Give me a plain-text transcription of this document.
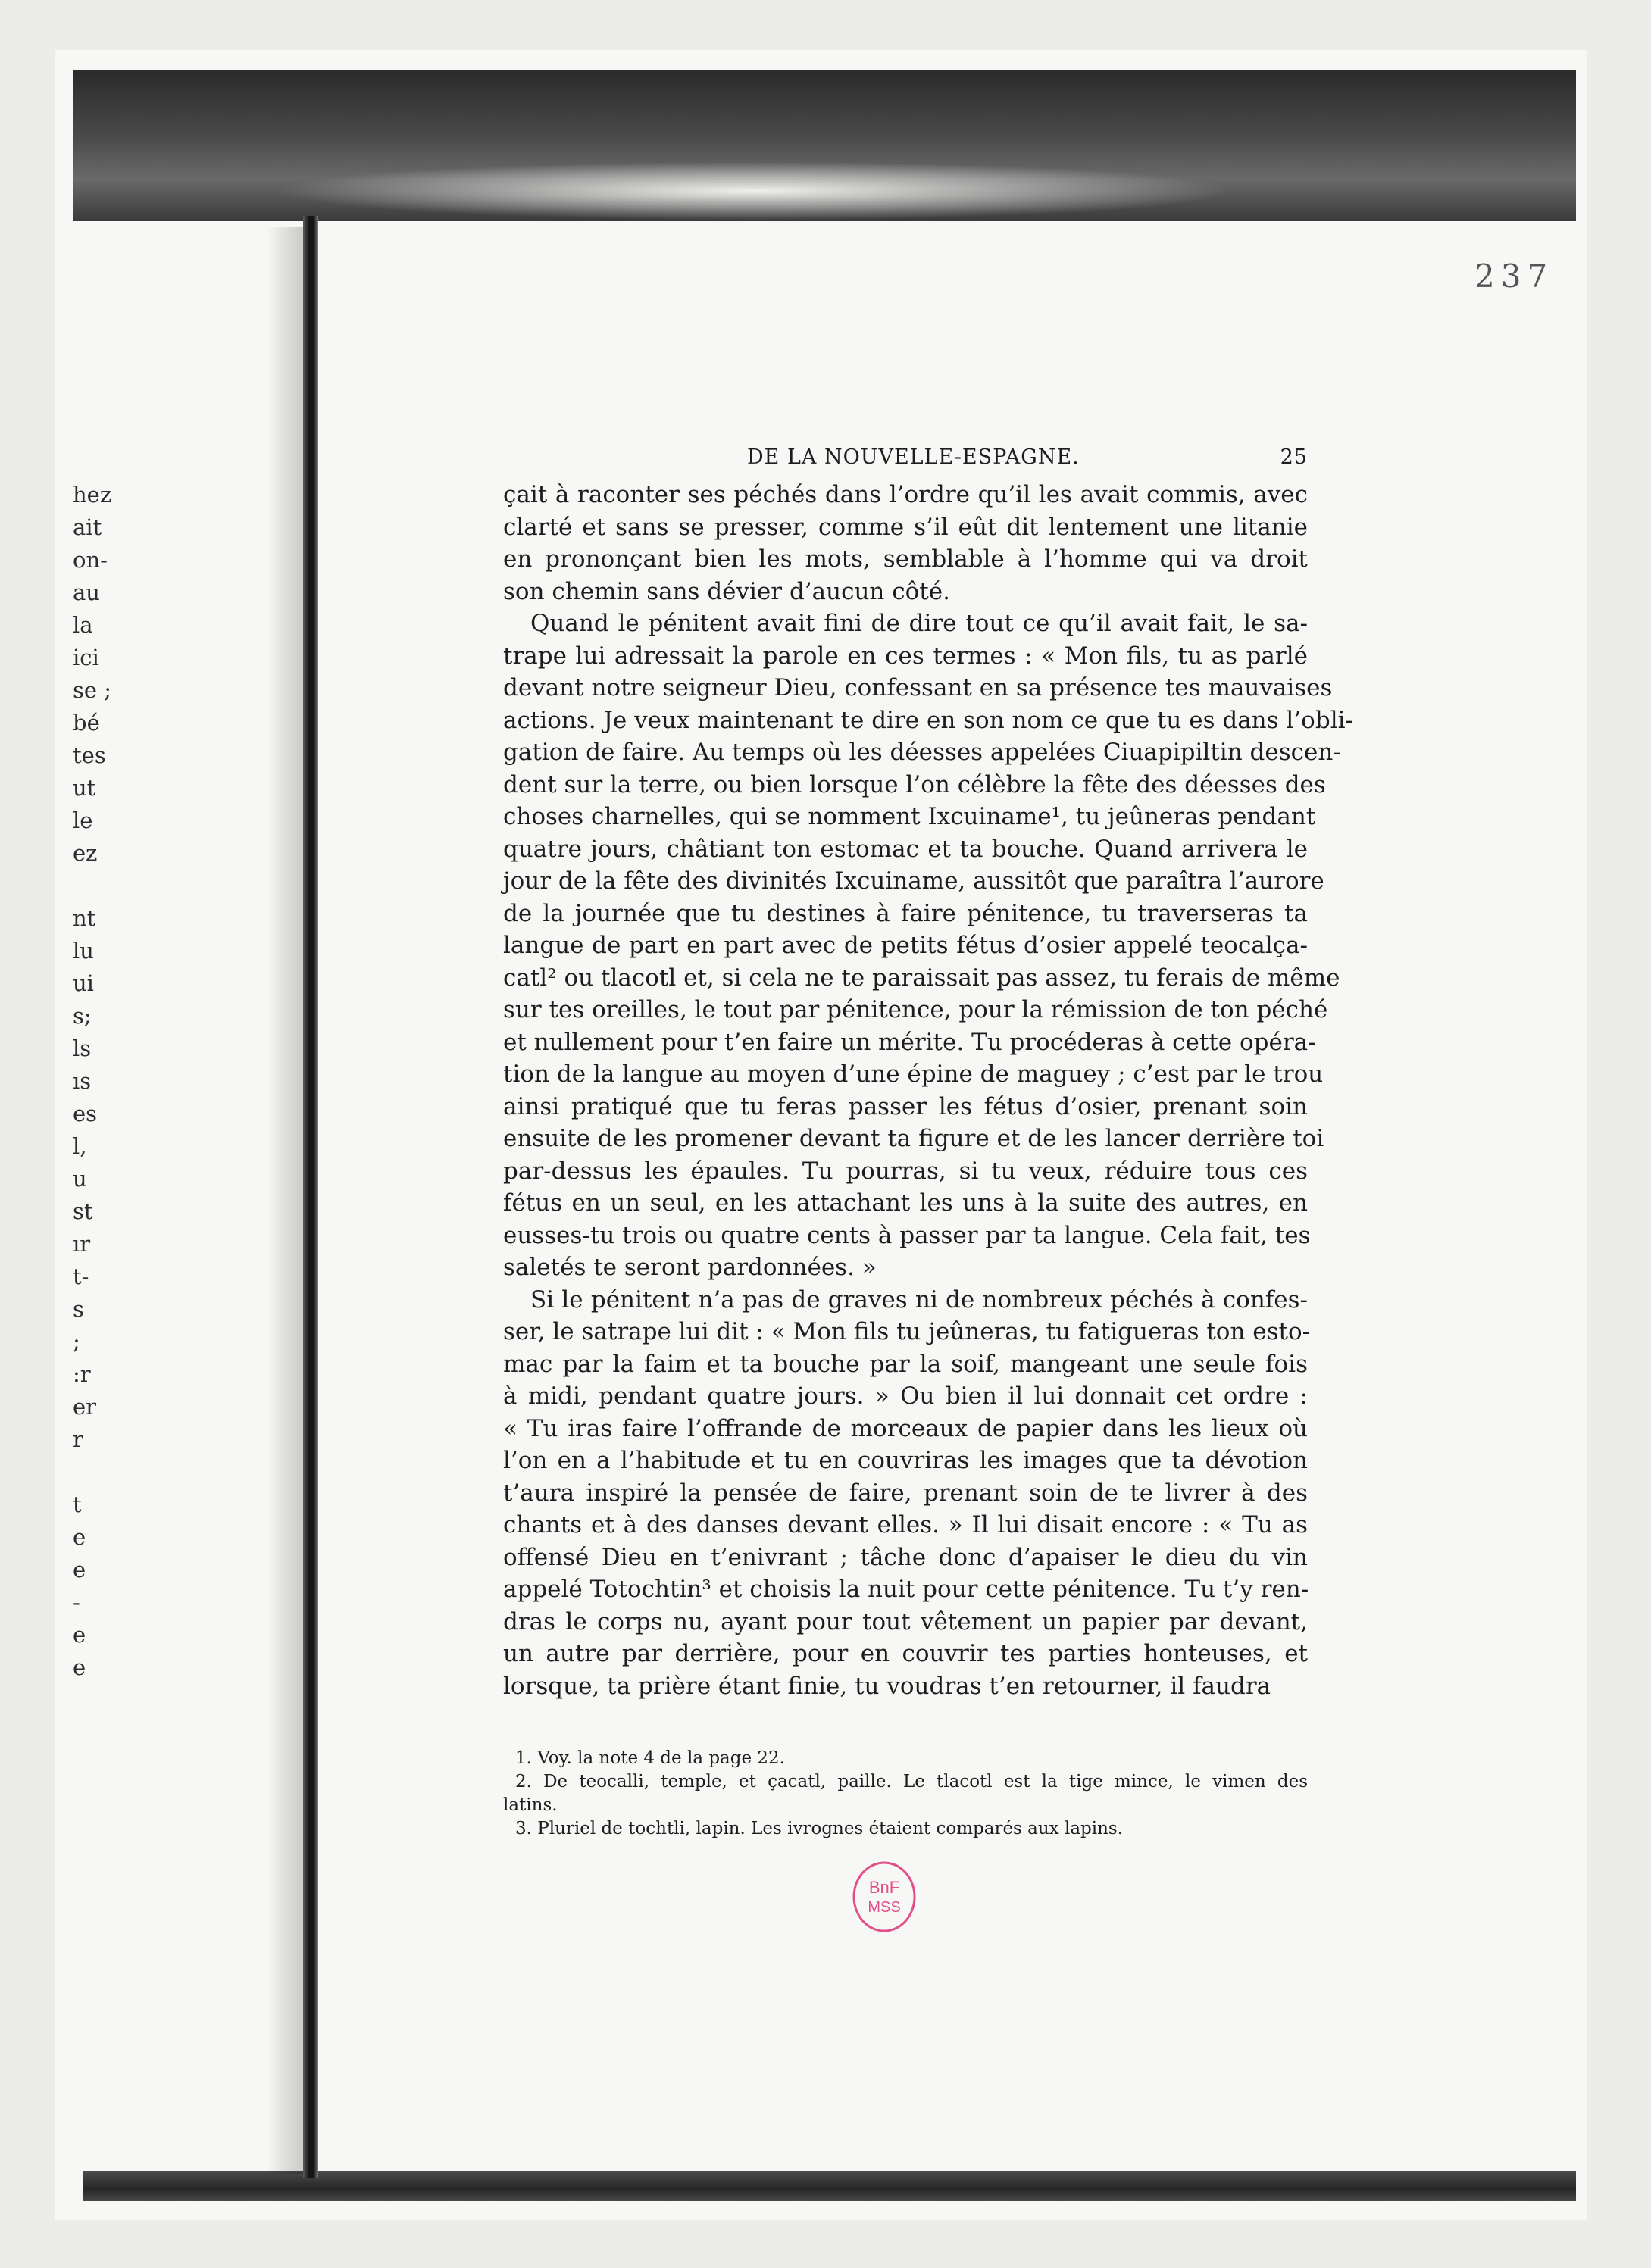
hez
ait
on-
au
la
ici
se ;
bé
tes
ut
le
ez
nt
lu
ui
s;
ls
ıs
es
l,
u
st
ır
t-
s
;
:r
er
r
t
e
e
-
e
e
237
DE LA NOUVELLE-ESPAGNE.	25
çait à raconter ses péchés dans l’ordre qu’il les avait commis, avec
clarté et sans se presser, comme s’il eût dit lentement une litanie
en prononçant bien les mots, semblable à l’homme qui va droit
son chemin sans dévier d’aucun côté.
Quand le pénitent avait fini de dire tout ce qu’il avait fait, le sa-
trape lui adressait la parole en ces termes : « Mon fils, tu as parlé
devant notre seigneur Dieu, confessant en sa présence tes mauvaises
actions. Je veux maintenant te dire en son nom ce que tu es dans l’obli-
gation de faire. Au temps où les déesses appelées Ciuapipiltin descen-
dent sur la terre, ou bien lorsque l’on célèbre la fête des déesses des
choses charnelles, qui se nomment Ixcuiname¹, tu jeûneras pendant
quatre jours, châtiant ton estomac et ta bouche. Quand arrivera le
jour de la fête des divinités Ixcuiname, aussitôt que paraîtra l’aurore
de la journée que tu destines à faire pénitence, tu traverseras ta
langue de part en part avec de petits fétus d’osier appelé teocalça-
catl² ou tlacotl et, si cela ne te paraissait pas assez, tu ferais de même
sur tes oreilles, le tout par pénitence, pour la rémission de ton péché
et nullement pour t’en faire un mérite. Tu procéderas à cette opéra-
tion de la langue au moyen d’une épine de maguey ; c’est par le trou
ainsi pratiqué que tu feras passer les fétus d’osier, prenant soin
ensuite de les promener devant ta figure et de les lancer derrière toi
par-dessus les épaules. Tu pourras, si tu veux, réduire tous ces
fétus en un seul, en les attachant les uns à la suite des autres, en
eusses-tu trois ou quatre cents à passer par ta langue. Cela fait, tes
saletés te seront pardonnées. »
Si le pénitent n’a pas de graves ni de nombreux péchés à confes-
ser, le satrape lui dit : « Mon fils tu jeûneras, tu fatigueras ton esto-
mac par la faim et ta bouche par la soif, mangeant une seule fois
à midi, pendant quatre jours. » Ou bien il lui donnait cet ordre :
« Tu iras faire l’offrande de morceaux de papier dans les lieux où
l’on en a l’habitude et tu en couvriras les images que ta dévotion
t’aura inspiré la pensée de faire, prenant soin de te livrer à des
chants et à des danses devant elles. » Il lui disait encore : « Tu as
offensé Dieu en t’enivrant ; tâche donc d’apaiser le dieu du vin
appelé Totochtin³ et choisis la nuit pour cette pénitence. Tu t’y ren-
dras le corps nu, ayant pour tout vêtement un papier par devant,
un autre par derrière, pour en couvrir tes parties honteuses, et
lorsque, ta prière étant finie, tu voudras t’en retourner, il faudra
1. Voy. la note 4 de la page 22.
2. De teocalli, temple, et çacatl, paille. Le tlacotl est la tige mince, le vimen des
latins.
3. Pluriel de tochtli, lapin. Les ivrognes étaient comparés aux lapins.
BnF
MSS
